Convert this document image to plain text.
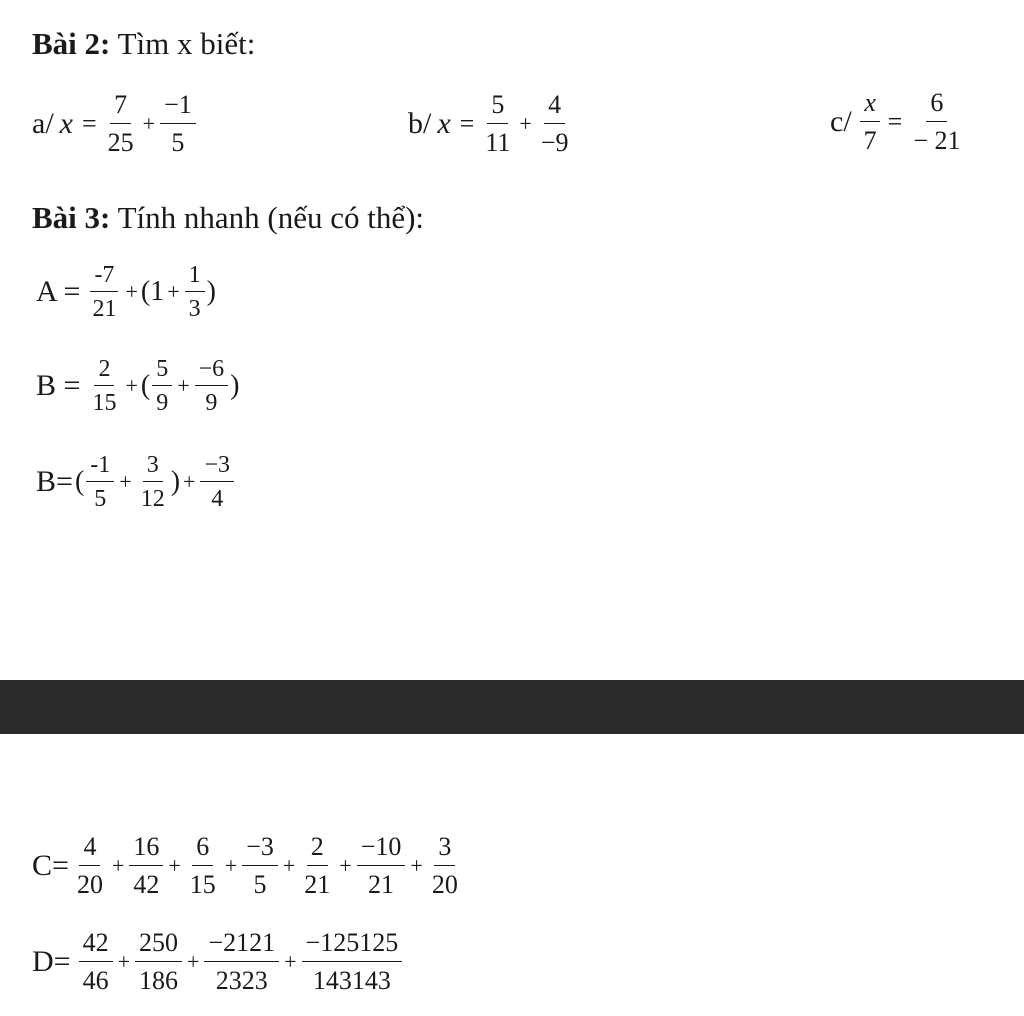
Bài 2: Tìm x biết:
a/ $x = \frac{7}{25} + \frac{-1}{5}$	b/ $x = \frac{5}{11} + \frac{4}{-9}$	$c/ \frac{x}{7} = \frac{6}{- 21}$
Bài 3: Tính nhanh (nếu có thể):
$A = \frac{-7}{21}$ + ( $1 + \frac{1}{3}$ )
$B = \frac{2}{15}$ + ( $\frac{5}{9} + \frac{-6}{9}$ )
B= ( $\frac{-1}{5} + \frac{3}{12}$ ) + $\frac{-3}{4}$
$C= \frac{4}{20} + \frac{16}{42} + \frac{6}{15} + \frac{-3}{5} + \frac{2}{21} + \frac{-10}{21} + \frac{3}{20}$
$D= \frac{42}{46} + \frac{250}{186} + \frac{-2121}{2323} + \frac{-125125}{143143}$
